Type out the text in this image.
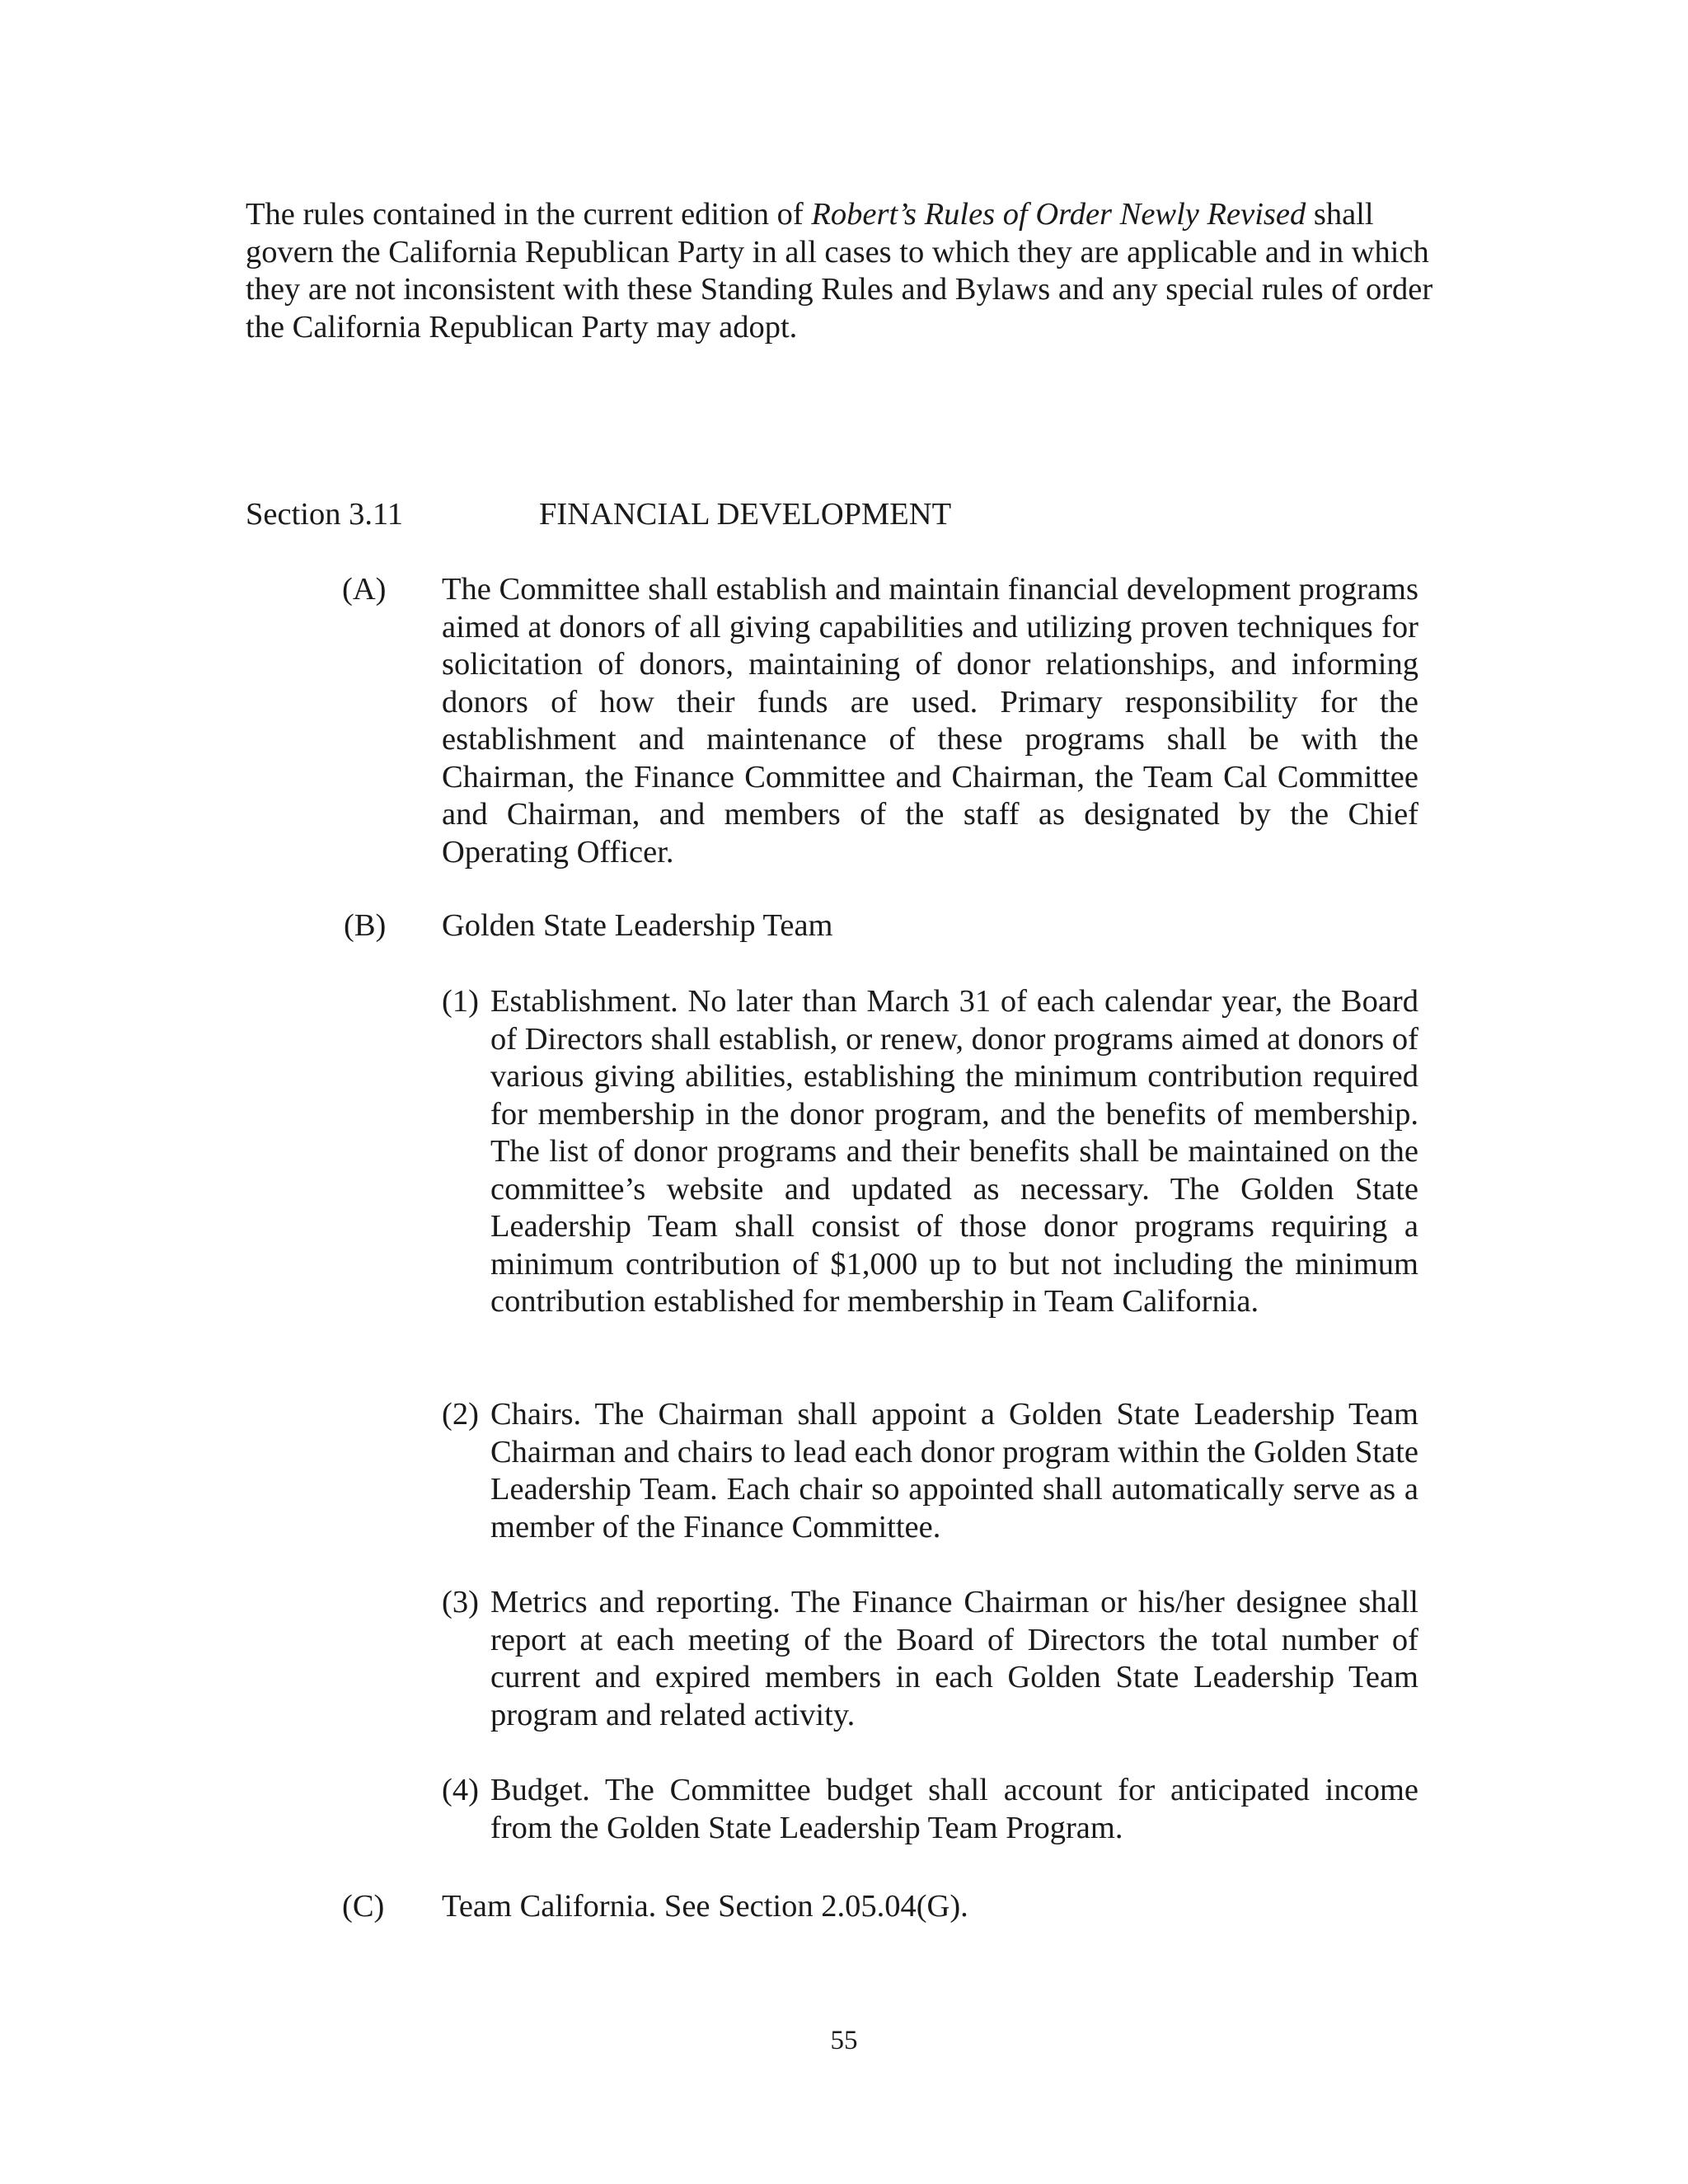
The rules contained in the current edition of Robert’s Rules of Order Newly Revised shall govern the California Republican Party in all cases to which they are applicable and in which they are not inconsistent with these Standing Rules and Bylaws and any special rules of order the California Republican Party may adopt.
Section 3.11	FINANCIAL DEVELOPMENT
(A) The Committee shall establish and maintain financial development programs aimed at donors of all giving capabilities and utilizing proven techniques for solicitation of donors, maintaining of donor relationships, and informing donors of how their funds are used. Primary responsibility for the establishment and maintenance of these programs shall be with the Chairman, the Finance Committee and Chairman, the Team Cal Committee and Chairman, and members of the staff as designated by the Chief Operating Officer.
(B) Golden State Leadership Team
(1) Establishment. No later than March 31 of each calendar year, the Board of Directors shall establish, or renew, donor programs aimed at donors of various giving abilities, establishing the minimum contribution required for membership in the donor program, and the benefits of membership. The list of donor programs and their benefits shall be maintained on the committee’s website and updated as necessary. The Golden State Leadership Team shall consist of those donor programs requiring a minimum contribution of $1,000 up to but not including the minimum contribution established for membership in Team California.
(2) Chairs. The Chairman shall appoint a Golden State Leadership Team Chairman and chairs to lead each donor program within the Golden State Leadership Team. Each chair so appointed shall automatically serve as a member of the Finance Committee.
(3) Metrics and reporting. The Finance Chairman or his/her designee shall report at each meeting of the Board of Directors the total number of current and expired members in each Golden State Leadership Team program and related activity.
(4) Budget. The Committee budget shall account for anticipated income from the Golden State Leadership Team Program.
(C) Team California. See Section 2.05.04(G).
55
